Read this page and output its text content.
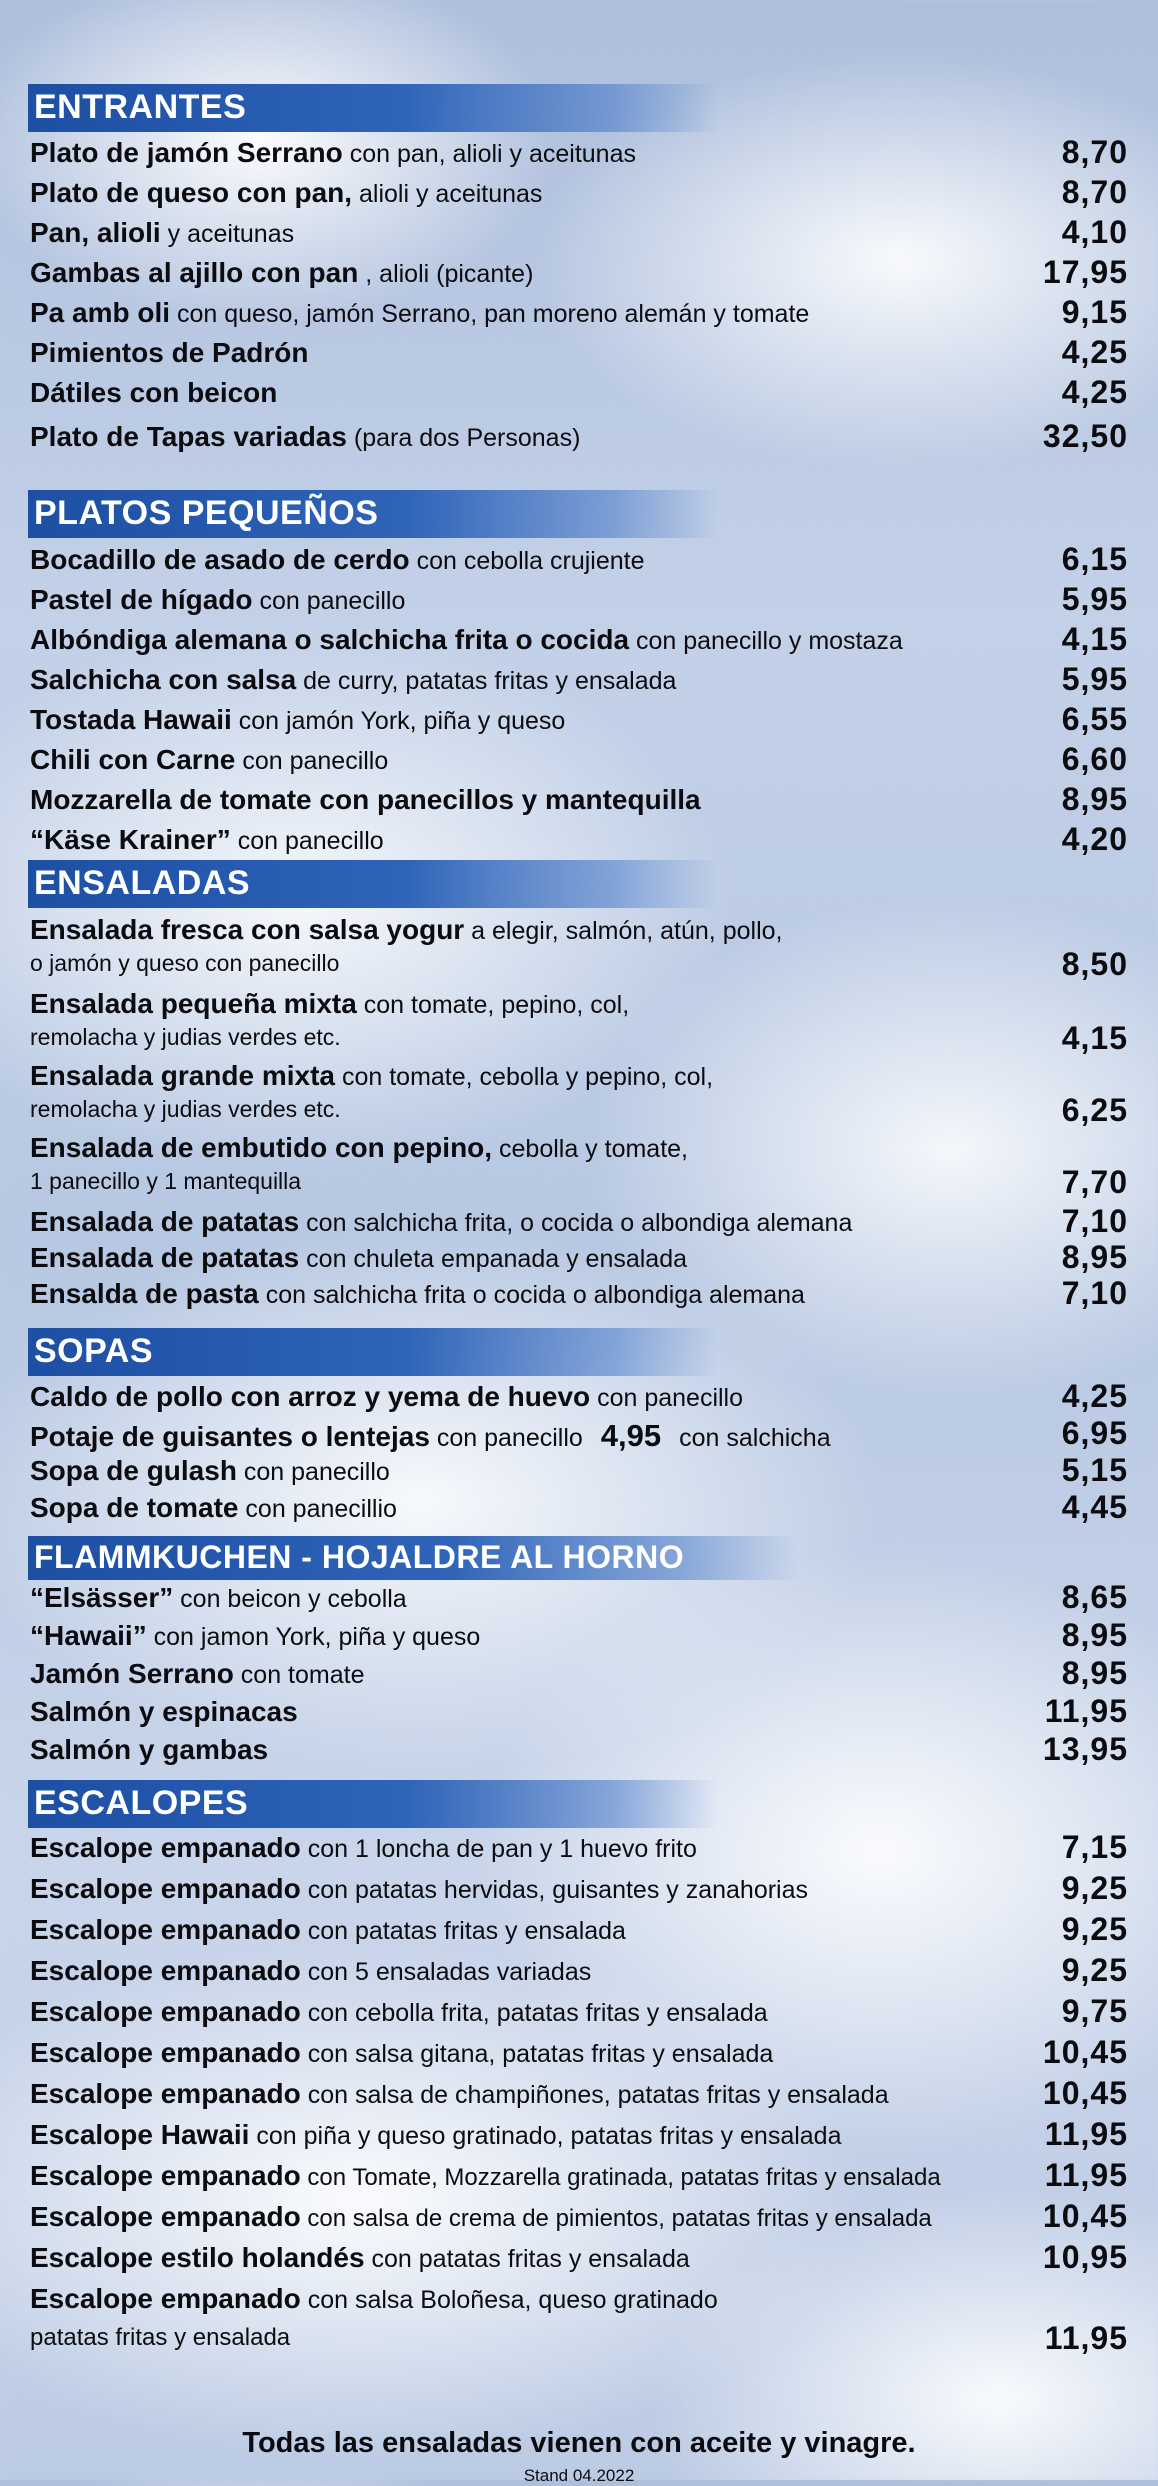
ENTRANTES
Plato de jamón Serrano con pan, alioli y aceitunas	8,70
Plato de queso con pan, alioli y aceitunas	8,70
Pan, alioli y aceitunas	4,10
Gambas al ajillo con pan , alioli (picante)	17,95
Pa amb oli con queso, jamón Serrano, pan moreno alemán y tomate	9,15
Pimientos de Padrón	4,25
Dátiles con beicon	4,25
Plato de Tapas variadas (para dos Personas)	32,50
PLATOS PEQUEÑOS
Bocadillo de asado de cerdo con cebolla crujiente	6,15
Pastel de hígado con panecillo	5,95
Albóndiga alemana o salchicha frita o cocida con panecillo y mostaza	4,15
Salchicha con salsa de curry, patatas fritas y ensalada	5,95
Tostada Hawaii con jamón York, piña y queso	6,55
Chili con Carne con panecillo	6,60
Mozzarella de tomate con panecillos y mantequilla	8,95
“Käse Krainer” con panecillo	4,20
ENSALADAS
Ensalada fresca con salsa yogur a elegir, salmón, atún, pollo,
o jamón y queso con panecillo	8,50
Ensalada pequeña mixta con tomate, pepino, col,
remolacha y judias verdes etc.	4,15
Ensalada grande mixta con tomate, cebolla y pepino, col,
remolacha y judias verdes etc.	6,25
Ensalada de embutido con pepino, cebolla y tomate,
1 panecillo y 1 mantequilla	7,70
Ensalada de patatas con salchicha frita, o cocida o albondiga alemana	7,10
Ensalada de patatas con chuleta empanada y ensalada	8,95
Ensalda de pasta con salchicha frita o cocida o albondiga alemana	7,10
SOPAS
Caldo de pollo con arroz y yema de huevo con panecillo	4,25
Potaje de guisantes o lentejas con panecillo 4,95 con salchicha	6,95
Sopa de gulash con panecillo	5,15
Sopa de tomate con panecillio	4,45
FLAMMKUCHEN - HOJALDRE AL HORNO
“Elsässer” con beicon y cebolla	8,65
“Hawaii” con jamon York, piña y queso	8,95
Jamón Serrano con tomate	8,95
Salmón y espinacas	11,95
Salmón y gambas	13,95
ESCALOPES
Escalope empanado con 1 loncha de pan y 1 huevo frito	7,15
Escalope empanado con patatas hervidas, guisantes y zanahorias	9,25
Escalope empanado con patatas fritas y ensalada	9,25
Escalope empanado con 5 ensaladas variadas	9,25
Escalope empanado con cebolla frita, patatas fritas y ensalada	9,75
Escalope empanado con salsa gitana, patatas fritas y ensalada	10,45
Escalope empanado con salsa de champiñones, patatas fritas y ensalada	10,45
Escalope Hawaii con piña y queso gratinado, patatas fritas y ensalada	11,95
Escalope empanado con Tomate, Mozzarella gratinada, patatas fritas y ensalada	11,95
Escalope empanado con salsa de crema de pimientos, patatas fritas y ensalada	10,45
Escalope estilo holandés con patatas fritas y ensalada	10,95
Escalope empanado con salsa Boloñesa, queso gratinado
patatas fritas y ensalada	11,95
Todas las ensaladas vienen con aceite y vinagre.
Stand 04.2022
